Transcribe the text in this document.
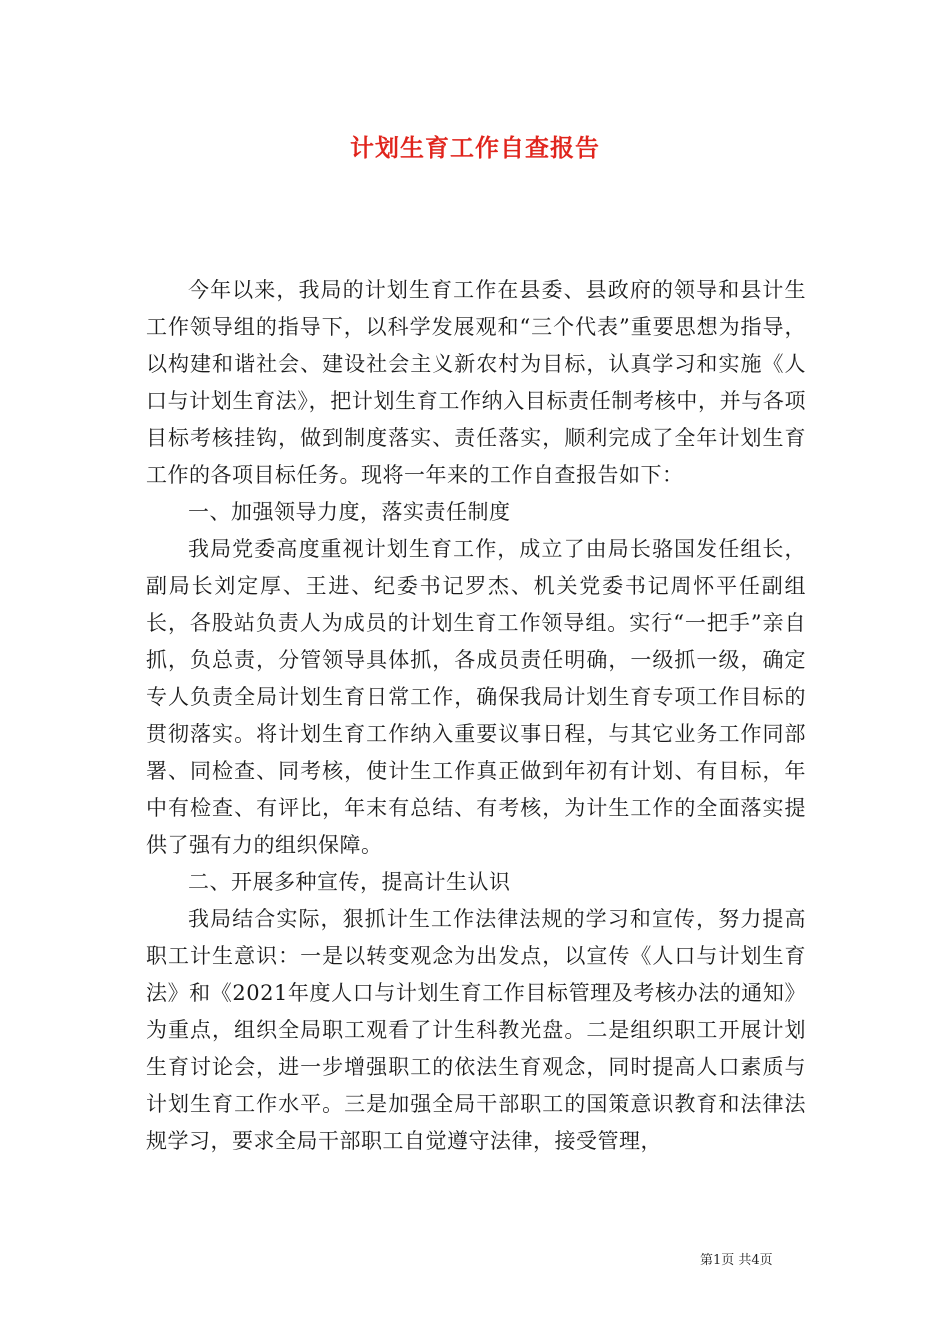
计划生育工作自查报告

今年以来，我局的计划生育工作在县委、县政府的领导和县计生工作领导组的指导下，以科学发展观和“三个代表”重要思想为指导，以构建和谐社会、建设社会主义新农村为目标，认真学习和实施《人口与计划生育法》，把计划生育工作纳入目标责任制考核中，并与各项目标考核挂钩，做到制度落实、责任落实，顺利完成了全年计划生育工作的各项目标任务。现将一年来的工作自查报告如下：

一、加强领导力度，落实责任制度

我局党委高度重视计划生育工作，成立了由局长骆国发任组长，副局长刘定厚、王进、纪委书记罗杰、机关党委书记周怀平任副组长，各股站负责人为成员的计划生育工作领导组。实行“一把手”亲自抓，负总责，分管领导具体抓，各成员责任明确，一级抓一级，确定专人负责全局计划生育日常工作，确保我局计划生育专项工作目标的贯彻落实。将计划生育工作纳入重要议事日程，与其它业务工作同部署、同检查、同考核，使计生工作真正做到年初有计划、有目标，年中有检查、有评比，年末有总结、有考核，为计生工作的全面落实提供了强有力的组织保障。

二、开展多种宣传，提高计生认识

我局结合实际，狠抓计生工作法律法规的学习和宣传，努力提高职工计生意识：一是以转变观念为出发点，以宣传《人口与计划生育法》和《2021年度人口与计划生育工作目标管理及考核办法的通知》为重点，组织全局职工观看了计生科教光盘。二是组织职工开展计划生育讨论会，进一步增强职工的依法生育观念，同时提高人口素质与计划生育工作水平。三是加强全局干部职工的国策意识教育和法律法规学习，要求全局干部职工自觉遵守法律，接受管理，

第1页 共4页
